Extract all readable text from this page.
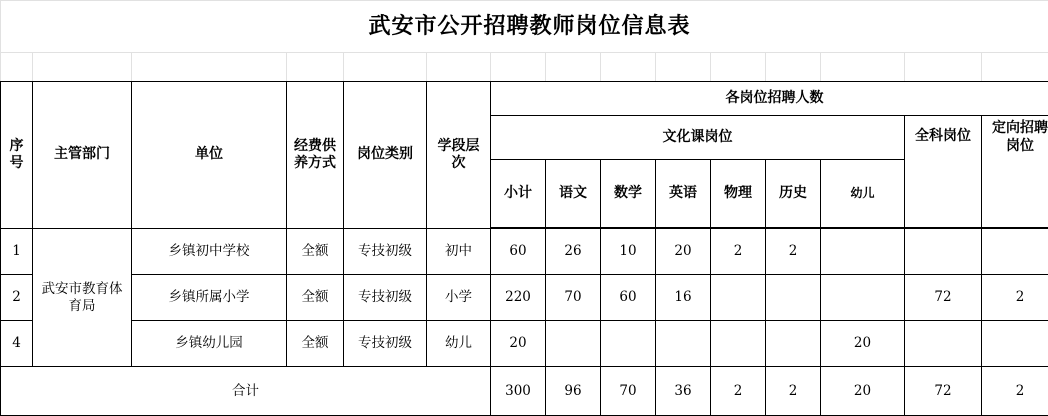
武安市公开招聘教师岗位信息表														

序号	主管部门	单位	经费供养方式	岗位类别	学段层次	各岗位招聘人数								
						文化课岗位							全科岗位	定向招聘岗位
						小计	语文	数学	英语	物理	历史	幼儿		

1	武安市教育体育局	乡镇初中学校	全额	专技初级	初中	60	26	10	20	2	2			
2		乡镇所属小学	全额	专技初级	小学	220	70	60	16				72	2
4		乡镇幼儿园	全额	专技初级	幼儿	20						20		
合计						300	96	70	36	2	2	20	72	2
